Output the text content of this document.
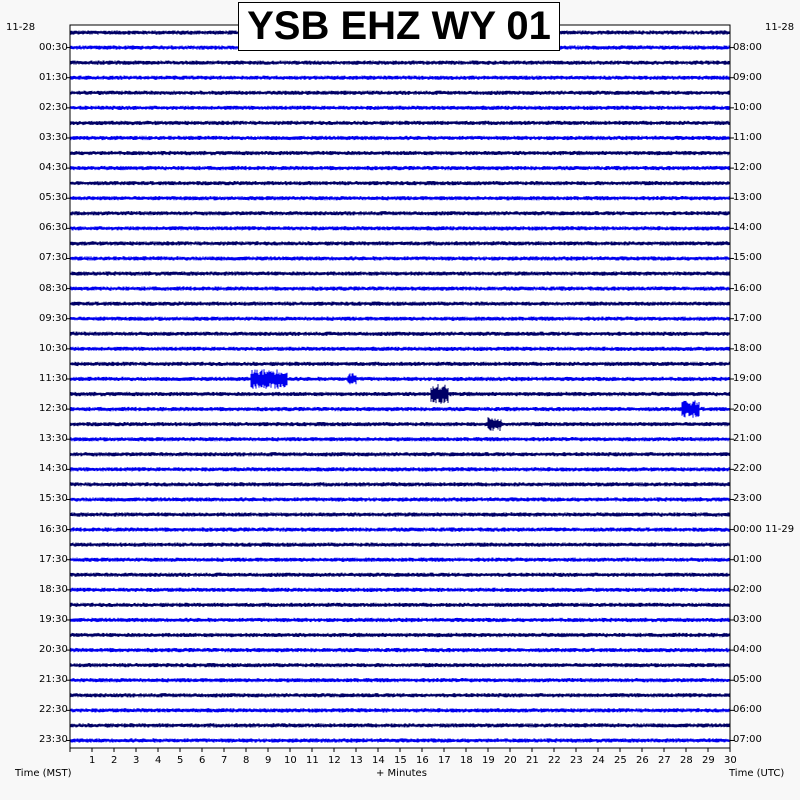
YSB EHZ WY 01
11-28	11-28
Time (MST)	+ Minutes	Time (UTC)
00:30
01:30
02:30
03:30
04:30
05:30
06:30
07:30
08:30
09:30
10:30
11:30
12:30
13:30
14:30
15:30
16:30
17:30
18:30
19:30
20:30
21:30
22:30
23:30
08:00
09:00
10:00
11:00
12:00
13:00
14:00
15:00
16:00
17:00
18:00
19:00
20:00
21:00
22:00
23:00
00:00 11-29
01:00
02:00
03:00
04:00
05:00
06:00
07:00
1 2 3 4 5 6 7 8 9 10 11 12 13 14 15 16 17 18 19 20 21 22 23 24 25 26 27 28 29 30
